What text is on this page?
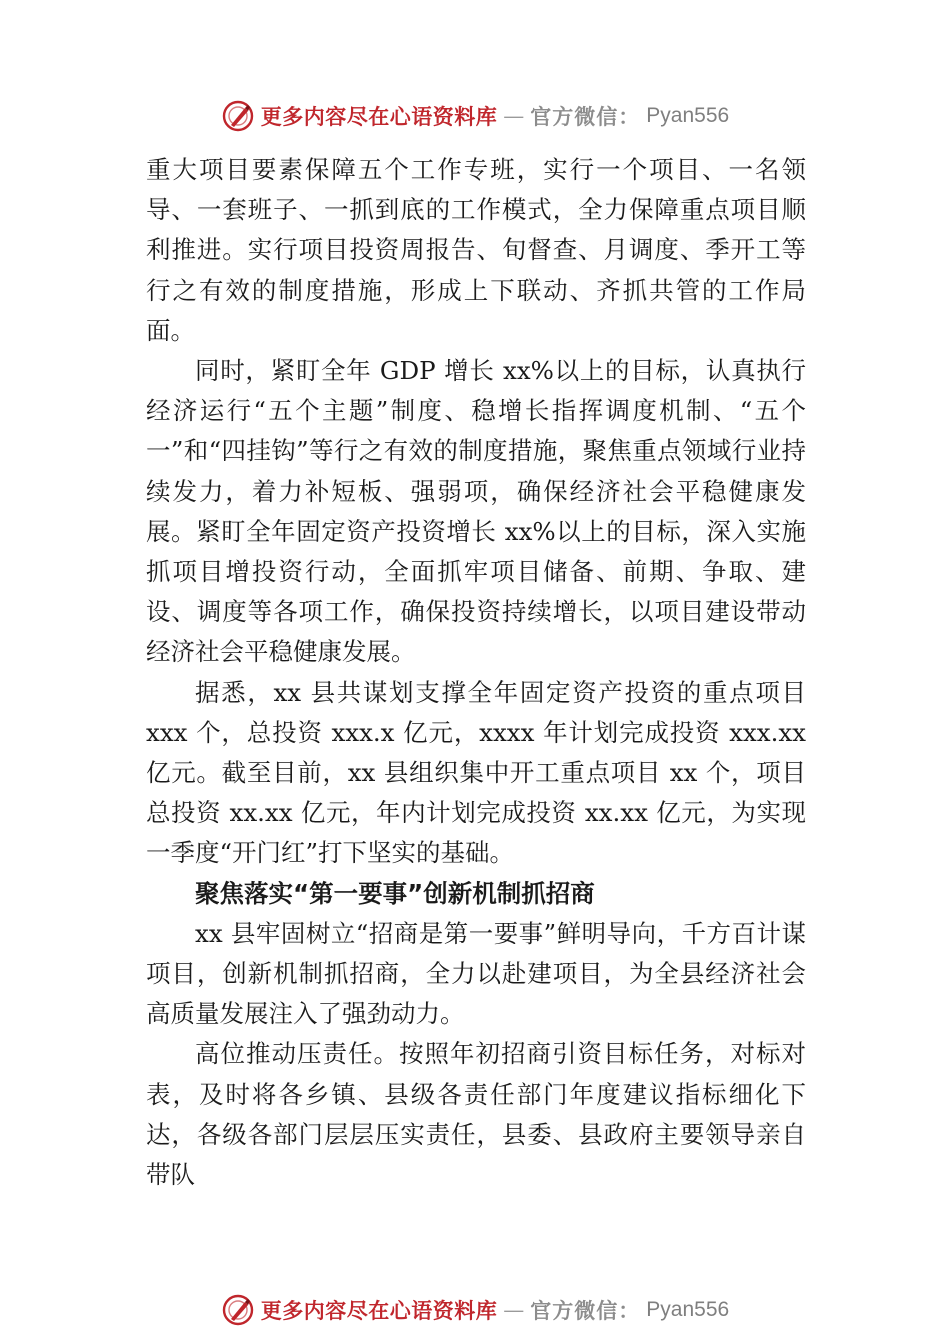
更多内容尽在心语资料库 — 官方微信： Pyan556

重大项目要素保障五个工作专班，实行一个项目、一名领导、一套班子、一抓到底的工作模式，全力保障重点项目顺利推进。实行项目投资周报告、旬督查、月调度、季开工等行之有效的制度措施，形成上下联动、齐抓共管的工作局面。

同时，紧盯全年 GDP 增长 xx%以上的目标，认真执行经济运行“五个主题”制度、稳增长指挥调度机制、“五个一”和“四挂钩”等行之有效的制度措施，聚焦重点领域行业持续发力，着力补短板、强弱项，确保经济社会平稳健康发展。紧盯全年固定资产投资增长 xx%以上的目标，深入实施抓项目增投资行动，全面抓牢项目储备、前期、争取、建设、调度等各项工作，确保投资持续增长，以项目建设带动经济社会平稳健康发展。

据悉，xx 县共谋划支撑全年固定资产投资的重点项目 xxx 个，总投资 xxx.x 亿元，xxxx 年计划完成投资 xxx.xx 亿元。截至目前，xx 县组织集中开工重点项目 xx 个，项目总投资 xx.xx 亿元，年内计划完成投资 xx.xx 亿元，为实现一季度“开门红”打下坚实的基础。

聚焦落实“第一要事”创新机制抓招商

xx 县牢固树立“招商是第一要事”鲜明导向，千方百计谋项目，创新机制抓招商，全力以赴建项目，为全县经济社会高质量发展注入了强劲动力。

高位推动压责任。按照年初招商引资目标任务，对标对表，及时将各乡镇、县级各责任部门年度建议指标细化下达，各级各部门层层压实责任，县委、县政府主要领导亲自带队

更多内容尽在心语资料库 — 官方微信： Pyan556
